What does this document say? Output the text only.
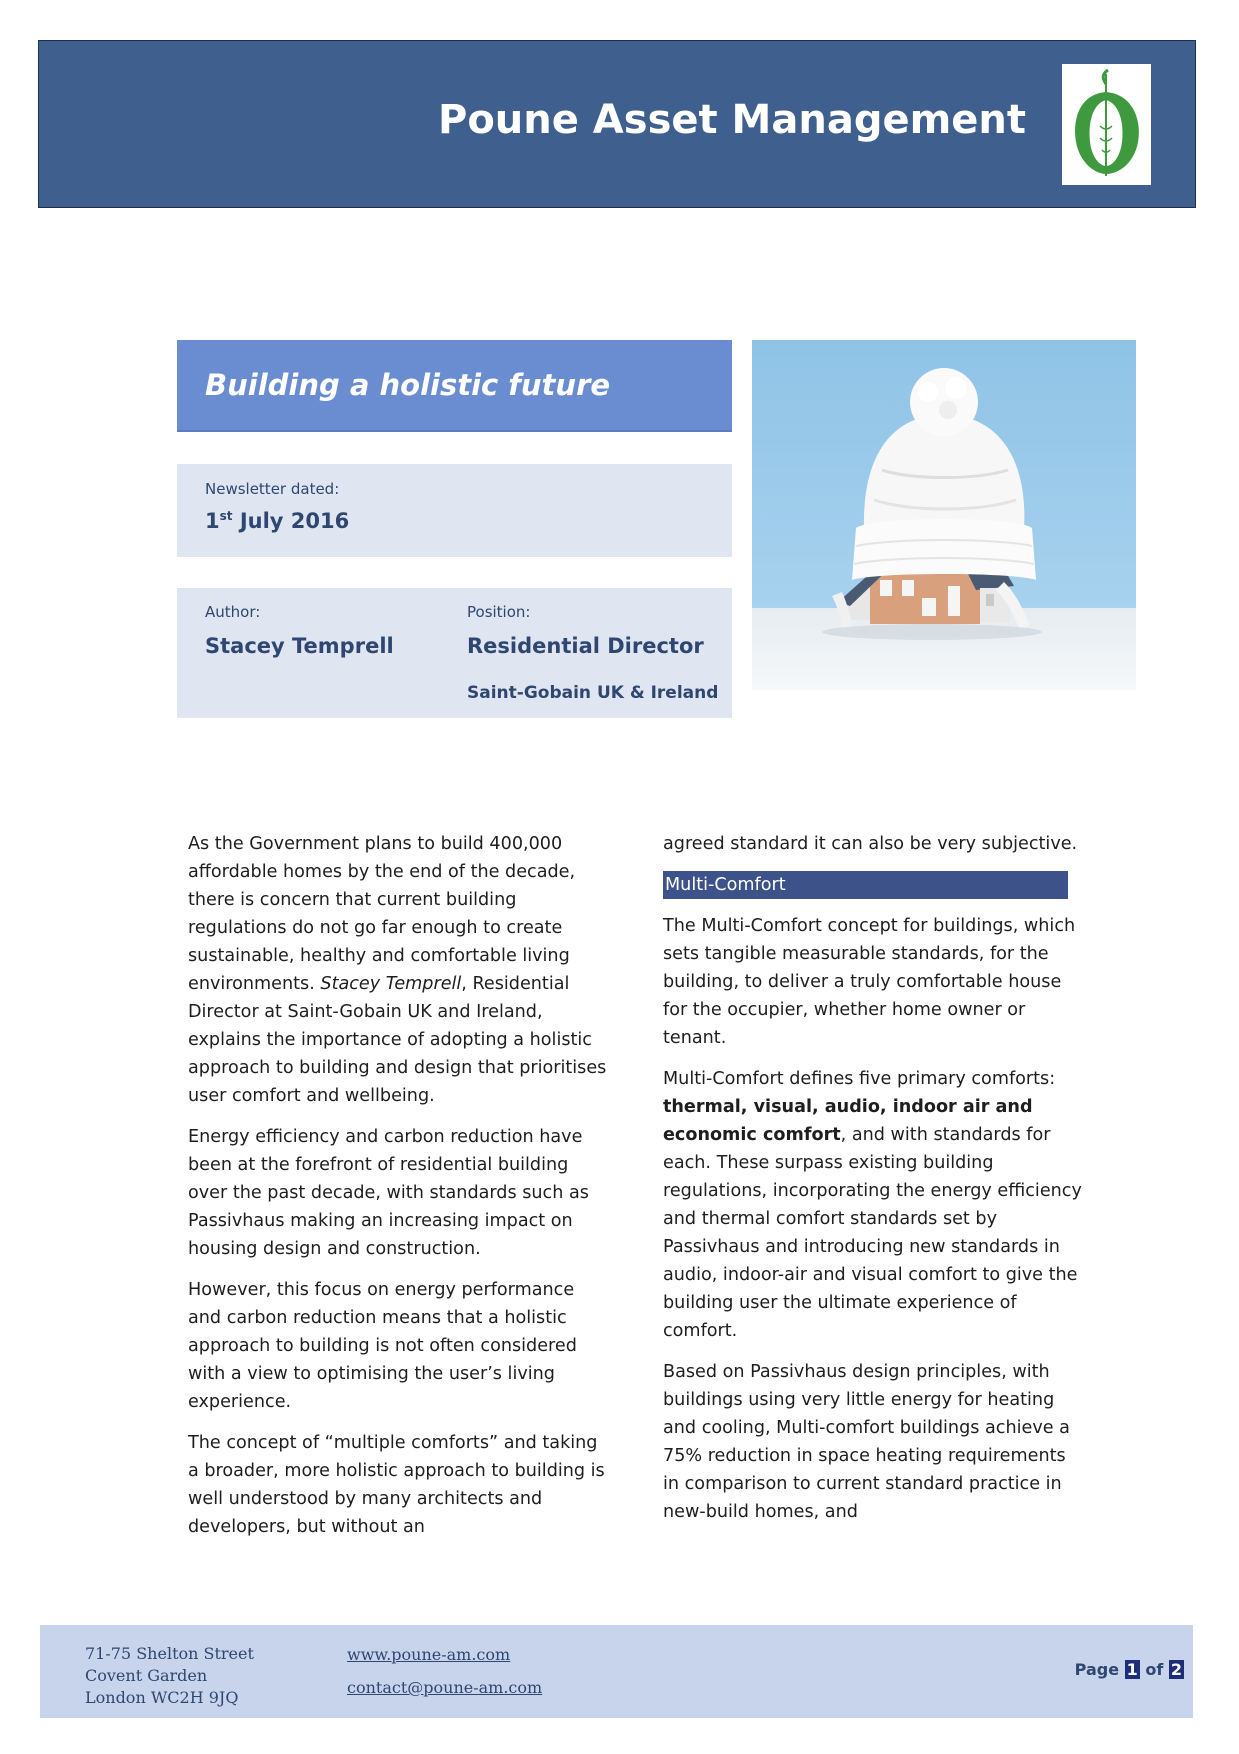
Poune Asset Management
Building a holistic future
Newsletter dated:
1st July 2016
Author:
Stacey Temprell
Position:
Residential Director
Saint-Gobain UK & Ireland

As the Government plans to build 400,000 affordable homes by the end of the decade, there is concern that current building regulations do not go far enough to create sustainable, healthy and comfortable living environments. Stacey Temprell, Residential Director at Saint-Gobain UK and Ireland, explains the importance of adopting a holistic approach to building and design that prioritises user comfort and wellbeing.

Energy efficiency and carbon reduction have been at the forefront of residential building over the past decade, with standards such as Passivhaus making an increasing impact on housing design and construction.

However, this focus on energy performance and carbon reduction means that a holistic approach to building is not often considered with a view to optimising the user’s living experience.

The concept of “multiple comforts” and taking a broader, more holistic approach to building is well understood by many architects and developers, but without an

agreed standard it can also be very subjective.

Multi-Comfort

The Multi-Comfort concept for buildings, which sets tangible measurable standards, for the building, to deliver a truly comfortable house for the occupier, whether home owner or tenant.

Multi-Comfort defines five primary comforts: thermal, visual, audio, indoor air and economic comfort, and with standards for each. These surpass existing building regulations, incorporating the energy efficiency and thermal comfort standards set by Passivhaus and introducing new standards in audio, indoor-air and visual comfort to give the building user the ultimate experience of comfort.

Based on Passivhaus design principles, with buildings using very little energy for heating and cooling, Multi-comfort buildings achieve a 75% reduction in space heating requirements in comparison to current standard practice in new-build homes, and

71-75 Shelton Street
Covent Garden
London WC2H 9JQ
www.poune-am.com
contact@poune-am.com
Page 1 of 2
